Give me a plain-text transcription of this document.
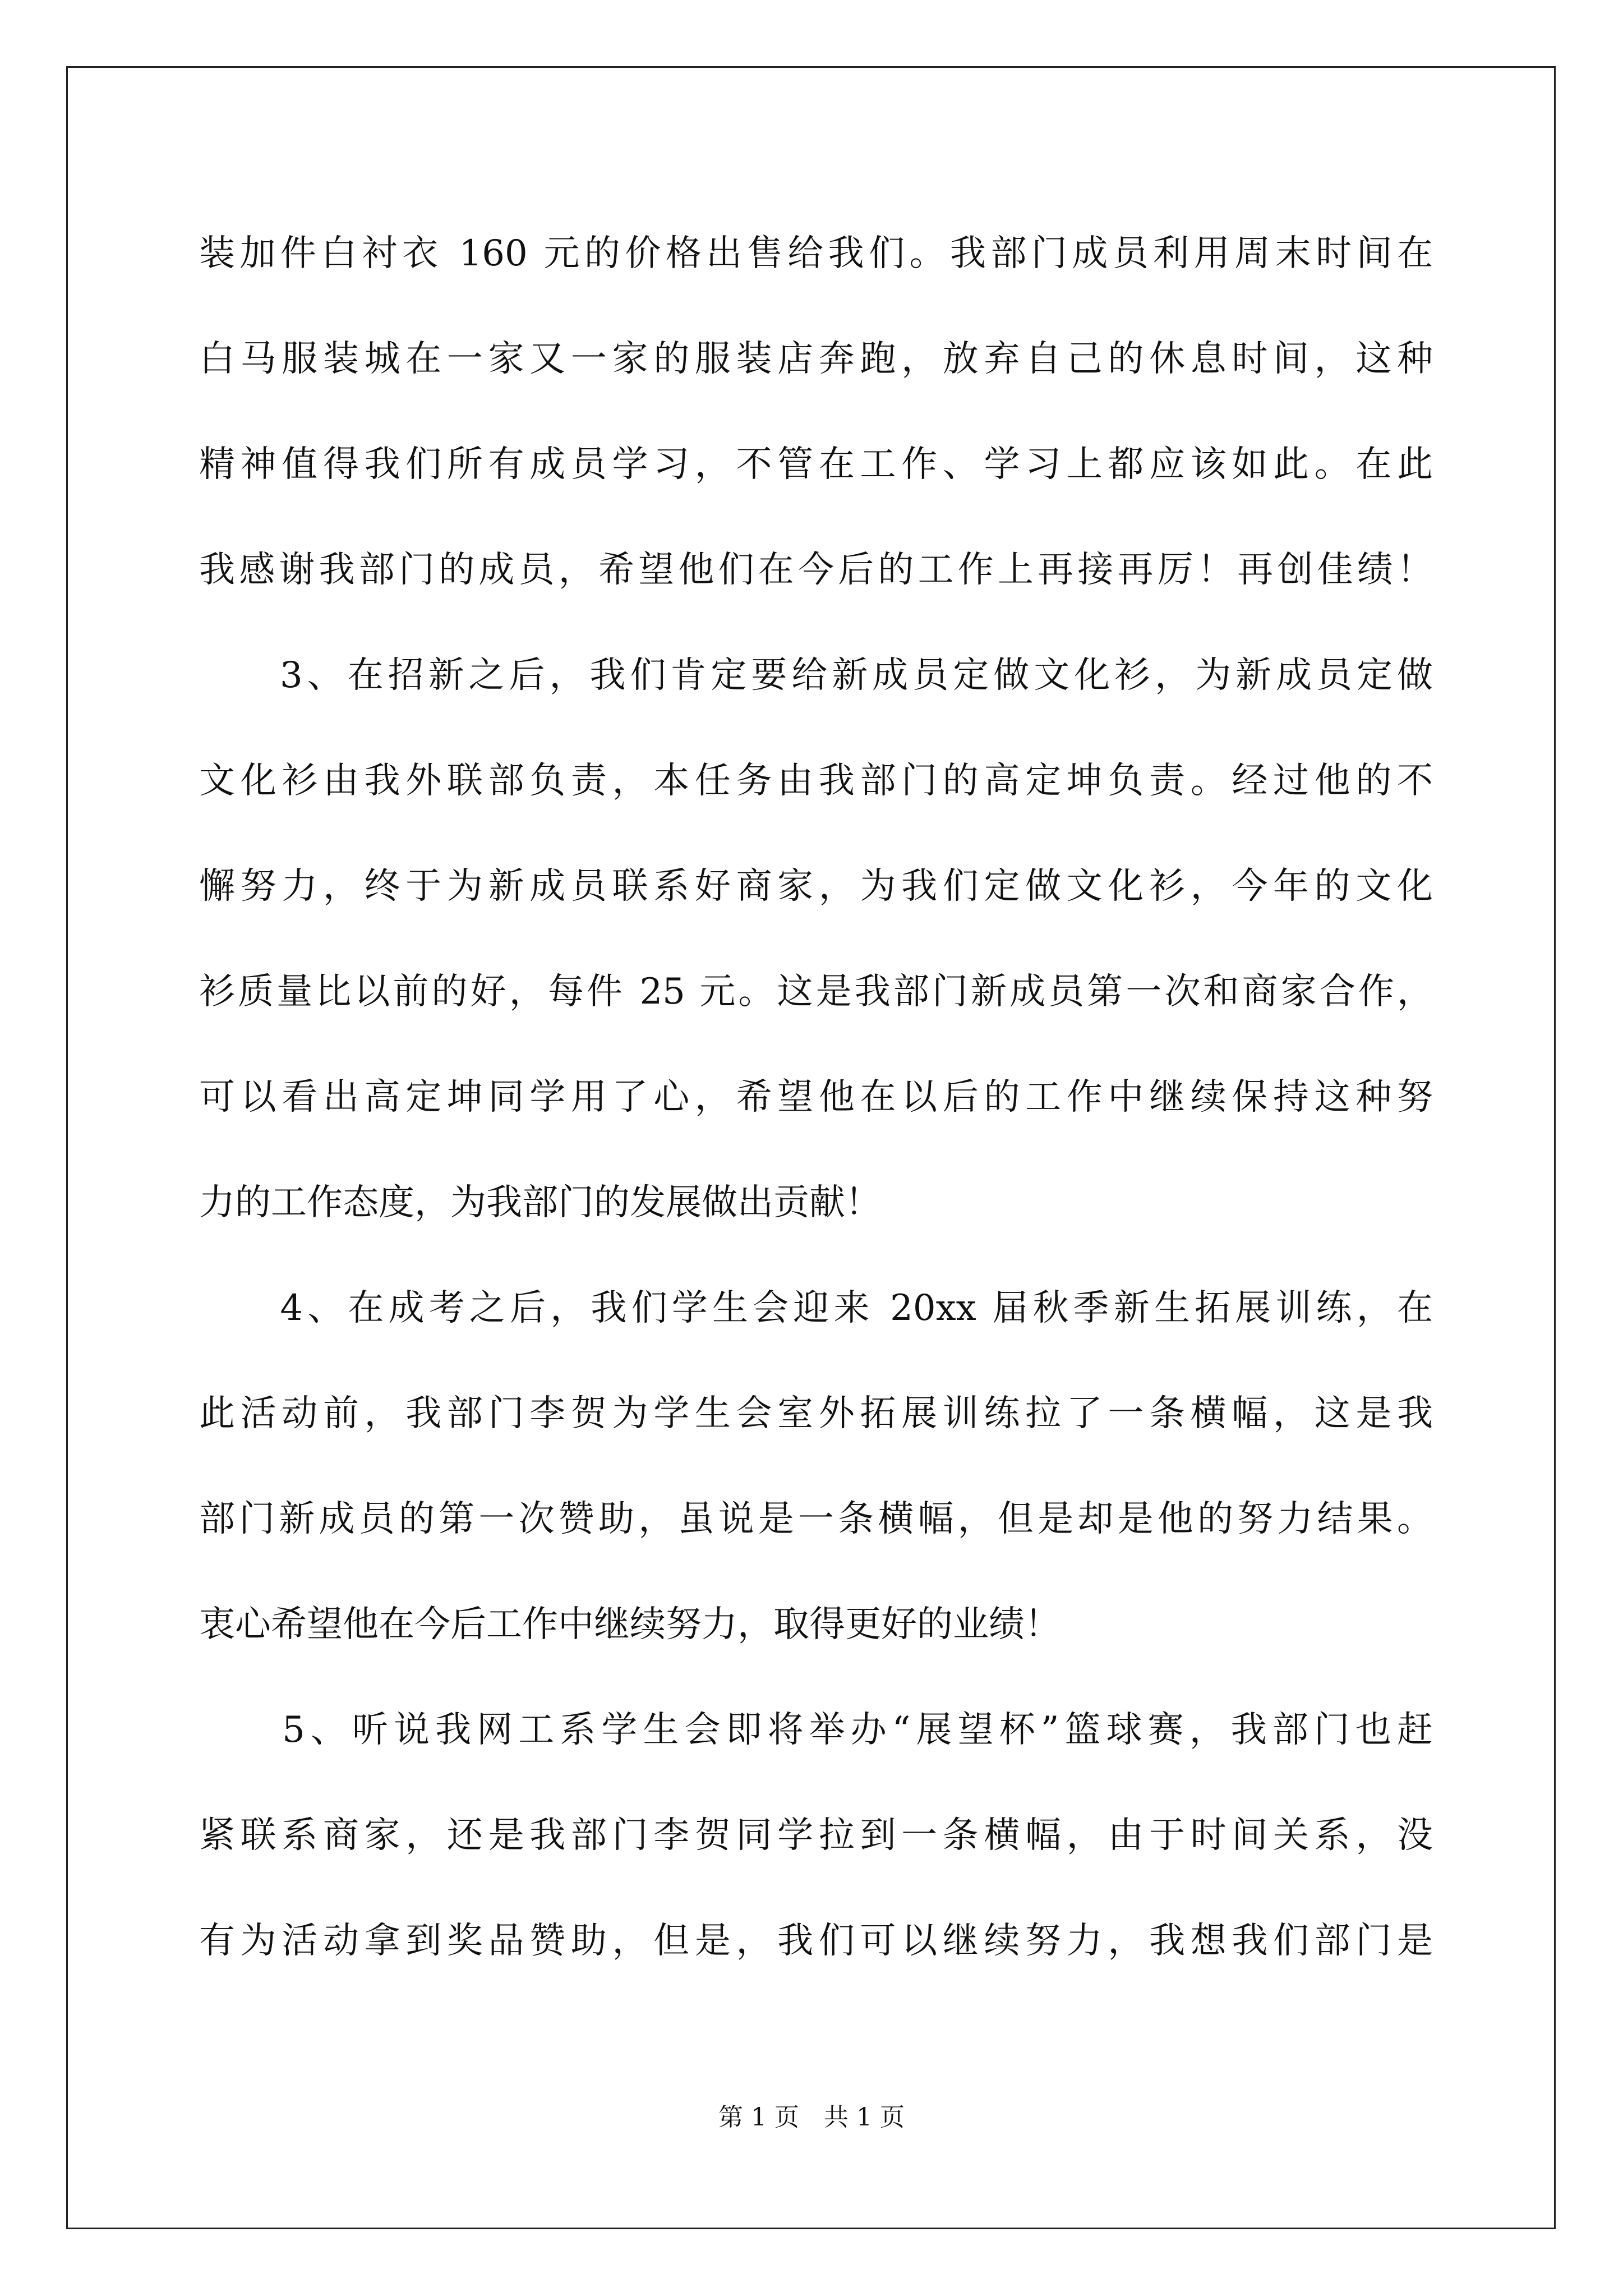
装加件白衬衣 160 元的价格出售给我们。我部门成员利用周末时间在
白马服装城在一家又一家的服装店奔跑，放弃自己的休息时间，这种
精神值得我们所有成员学习，不管在工作、学习上都应该如此。在此
我感谢我部门的成员，希望他们在今后的工作上再接再厉！再创佳绩！
　　3、在招新之后，我们肯定要给新成员定做文化衫，为新成员定做
文化衫由我外联部负责，本任务由我部门的高定坤负责。经过他的不
懈努力，终于为新成员联系好商家，为我们定做文化衫，今年的文化
衫质量比以前的好，每件 25 元。这是我部门新成员第一次和商家合作，
可以看出高定坤同学用了心，希望他在以后的工作中继续保持这种努
力的工作态度，为我部门的发展做出贡献！
　　4、在成考之后，我们学生会迎来 20xx 届秋季新生拓展训练，在
此活动前，我部门李贺为学生会室外拓展训练拉了一条横幅，这是我
部门新成员的第一次赞助，虽说是一条横幅，但是却是他的努力结果。
衷心希望他在今后工作中继续努力，取得更好的业绩！
　　5、听说我网工系学生会即将举办“展望杯”篮球赛，我部门也赶
紧联系商家，还是我部门李贺同学拉到一条横幅，由于时间关系，没
有为活动拿到奖品赞助，但是，我们可以继续努力，我想我们部门是
第 1 页　共 1 页
